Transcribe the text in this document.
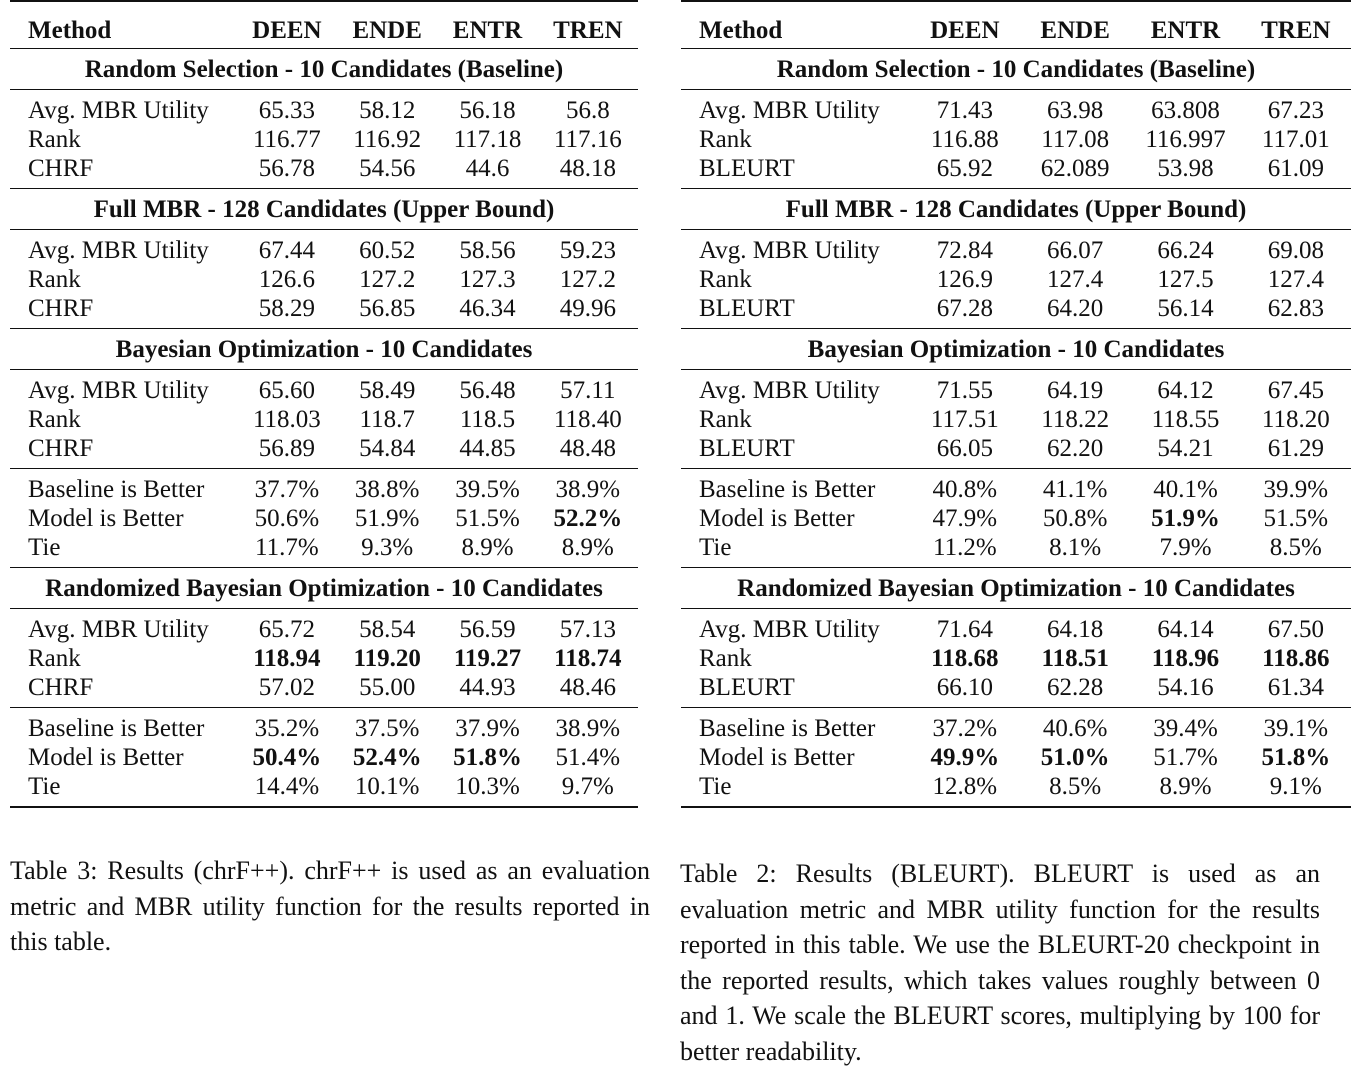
Method	DEEN	ENDE	ENTR	TREN
Random Selection - 10 Candidates (Baseline)				
Avg. MBR Utility	65.33	58.12	56.18	56.8
Rank	116.77	116.92	117.18	117.16
CHRF	56.78	54.56	44.6	48.18
Full MBR - 128 Candidates (Upper Bound)				
Avg. MBR Utility	67.44	60.52	58.56	59.23
Rank	126.6	127.2	127.3	127.2
CHRF	58.29	56.85	46.34	49.96
Bayesian Optimization - 10 Candidates				
Avg. MBR Utility	65.60	58.49	56.48	57.11
Rank	118.03	118.7	118.5	118.40
CHRF	56.89	54.84	44.85	48.48
Baseline is Better	37.7%	38.8%	39.5%	38.9%
Model is Better	50.6%	51.9%	51.5%	52.2%
Tie	11.7%	9.3%	8.9%	8.9%
Randomized Bayesian Optimization - 10 Candidates				
Avg. MBR Utility	65.72	58.54	56.59	57.13
Rank	118.94	119.20	119.27	118.74
CHRF	57.02	55.00	44.93	48.46
Baseline is Better	35.2%	37.5%	37.9%	38.9%
Model is Better	50.4%	52.4%	51.8%	51.4%
Tie	14.4%	10.1%	10.3%	9.7%
Table 3: Results (chrF++). chrF++ is used as an evaluation metric and MBR utility function for the results reported in this table.
Method	DEEN	ENDE	ENTR	TREN
Random Selection - 10 Candidates (Baseline)				
Avg. MBR Utility	71.43	63.98	63.808	67.23
Rank	116.88	117.08	116.997	117.01
BLEURT	65.92	62.089	53.98	61.09
Full MBR - 128 Candidates (Upper Bound)				
Avg. MBR Utility	72.84	66.07	66.24	69.08
Rank	126.9	127.4	127.5	127.4
BLEURT	67.28	64.20	56.14	62.83
Bayesian Optimization - 10 Candidates				
Avg. MBR Utility	71.55	64.19	64.12	67.45
Rank	117.51	118.22	118.55	118.20
BLEURT	66.05	62.20	54.21	61.29
Baseline is Better	40.8%	41.1%	40.1%	39.9%
Model is Better	47.9%	50.8%	51.9%	51.5%
Tie	11.2%	8.1%	7.9%	8.5%
Randomized Bayesian Optimization - 10 Candidates				
Avg. MBR Utility	71.64	64.18	64.14	67.50
Rank	118.68	118.51	118.96	118.86
BLEURT	66.10	62.28	54.16	61.34
Baseline is Better	37.2%	40.6%	39.4%	39.1%
Model is Better	49.9%	51.0%	51.7%	51.8%
Tie	12.8%	8.5%	8.9%	9.1%
Table 2: Results (BLEURT). BLEURT is used as an evaluation metric and MBR utility function for the results reported in this table. We use the BLEURT-20 checkpoint in the reported results, which takes values roughly between 0 and 1. We scale the BLEURT scores, multiplying by 100 for better readability.
